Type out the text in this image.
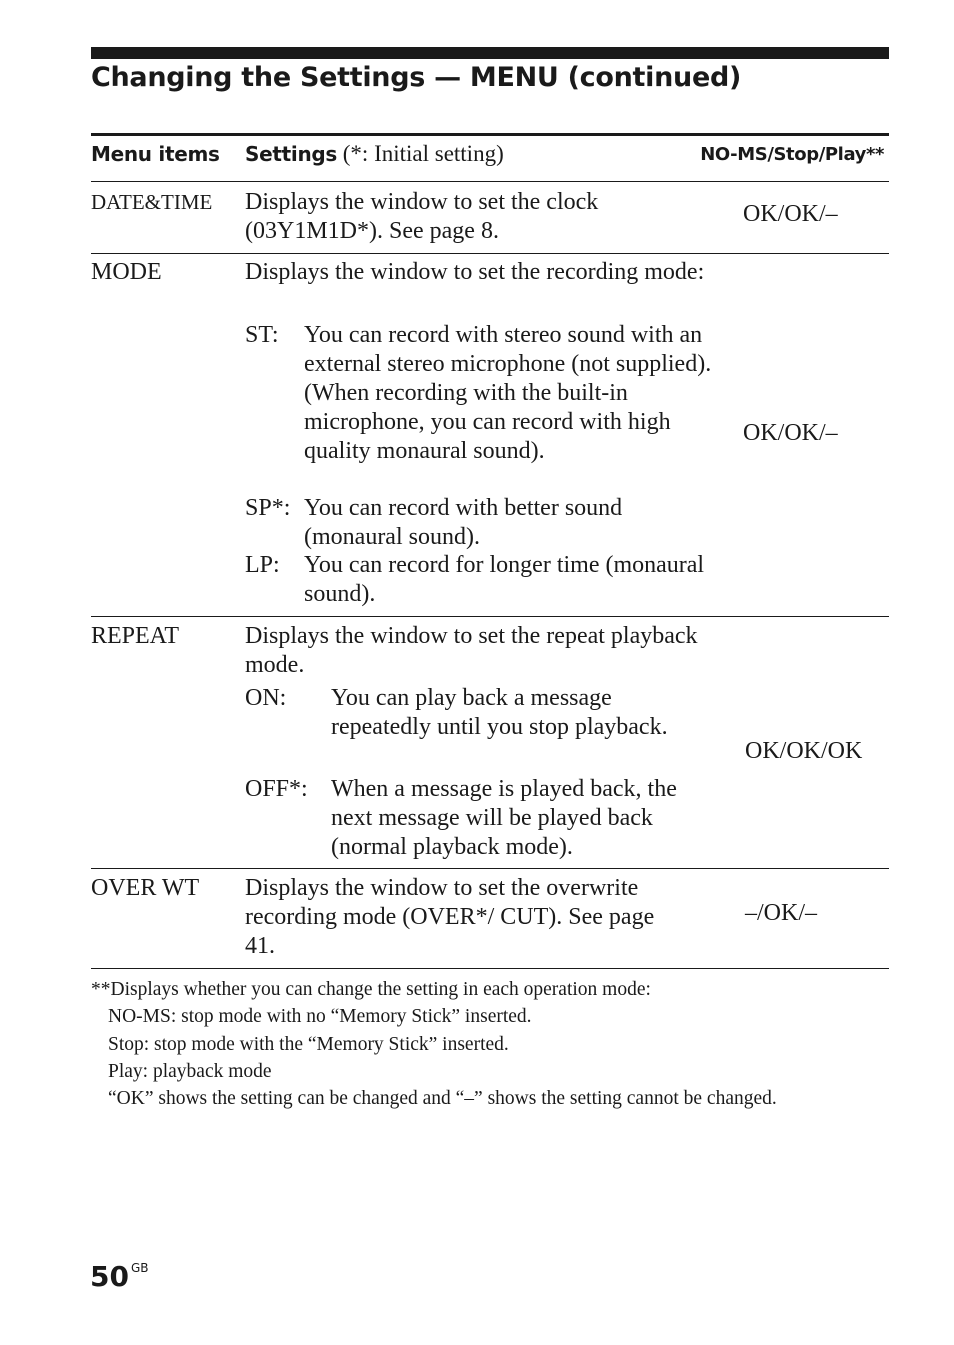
Changing the Settings — MENU (continued)
Menu items Settings (*: Initial setting)	NO-MS/Stop/Play**
DATE&TIME	Displays the window to set the clock (03Y1M1D*). See page 8.
OK/OK/–
MODE	Displays the window to set the recording mode:
ST: You can record with stereo sound with an external stereo microphone (not supplied). (When recording with the built-in microphone, you can record with high quality monaural sound).
SP*: You can record with better sound (monaural sound).
LP: You can record for longer time (monaural sound).
OK/OK/–
REPEAT	Displays the window to set the repeat playback mode.
ON: You can play back a message repeatedly until you stop playback.
OFF*: When a message is played back, the next message will be played back (normal playback mode).
OK/OK/OK
OVER WT	Displays the window to set the overwrite recording mode (OVER*/ CUT). See page 41.
–/OK/–
**Displays whether you can change the setting in each operation mode:
NO-MS: stop mode with no “Memory Stick” inserted.
Stop: stop mode with the “Memory Stick” inserted.
Play: playback mode
“OK” shows the setting can be changed and “–” shows the setting cannot be changed.
50 $^{GB}$
